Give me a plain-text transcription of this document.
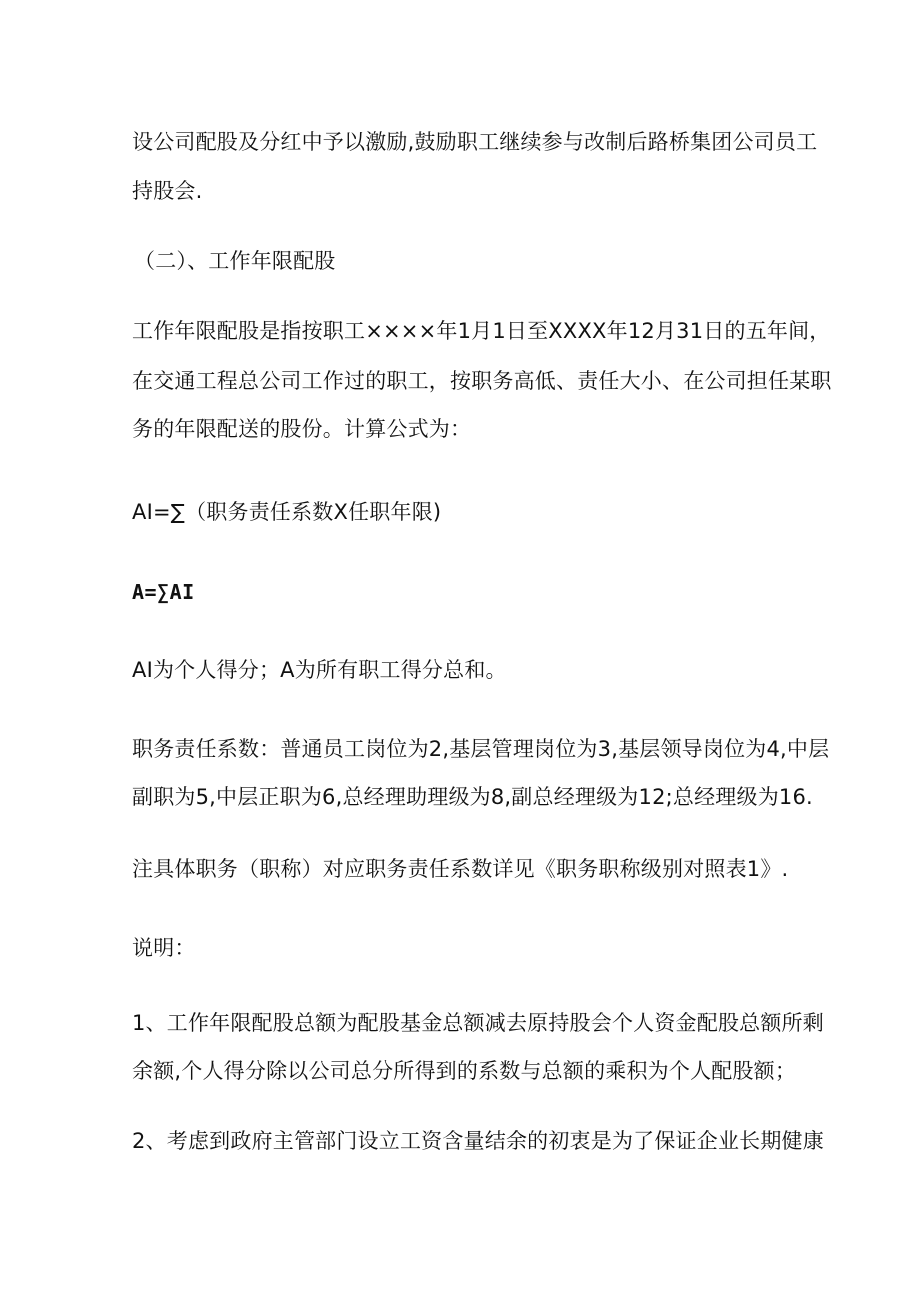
设公司配股及分红中予以激励,鼓励职工继续参与改制后路桥集团公司员工
持股会.
（二）、工作年限配股
工作年限配股是指按职工××××年1月1日至XXXX年12月31日的五年间，
在交通工程总公司工作过的职工，按职务高低、责任大小、在公司担任某职
务的年限配送的股份。计算公式为：
AI=∑（职务责任系数X任职年限)
A=∑AI
AI为个人得分；A为所有职工得分总和。
职务责任系数：普通员工岗位为2,基层管理岗位为3,基层领导岗位为4,中层
副职为5,中层正职为6,总经理助理级为8,副总经理级为12;总经理级为16.
注具体职务（职称）对应职务责任系数详见《职务职称级别对照表1》.
说明：
1、工作年限配股总额为配股基金总额减去原持股会个人资金配股总额所剩
余额,个人得分除以公司总分所得到的系数与总额的乘积为个人配股额；
2、考虑到政府主管部门设立工资含量结余的初衷是为了保证企业长期健康
